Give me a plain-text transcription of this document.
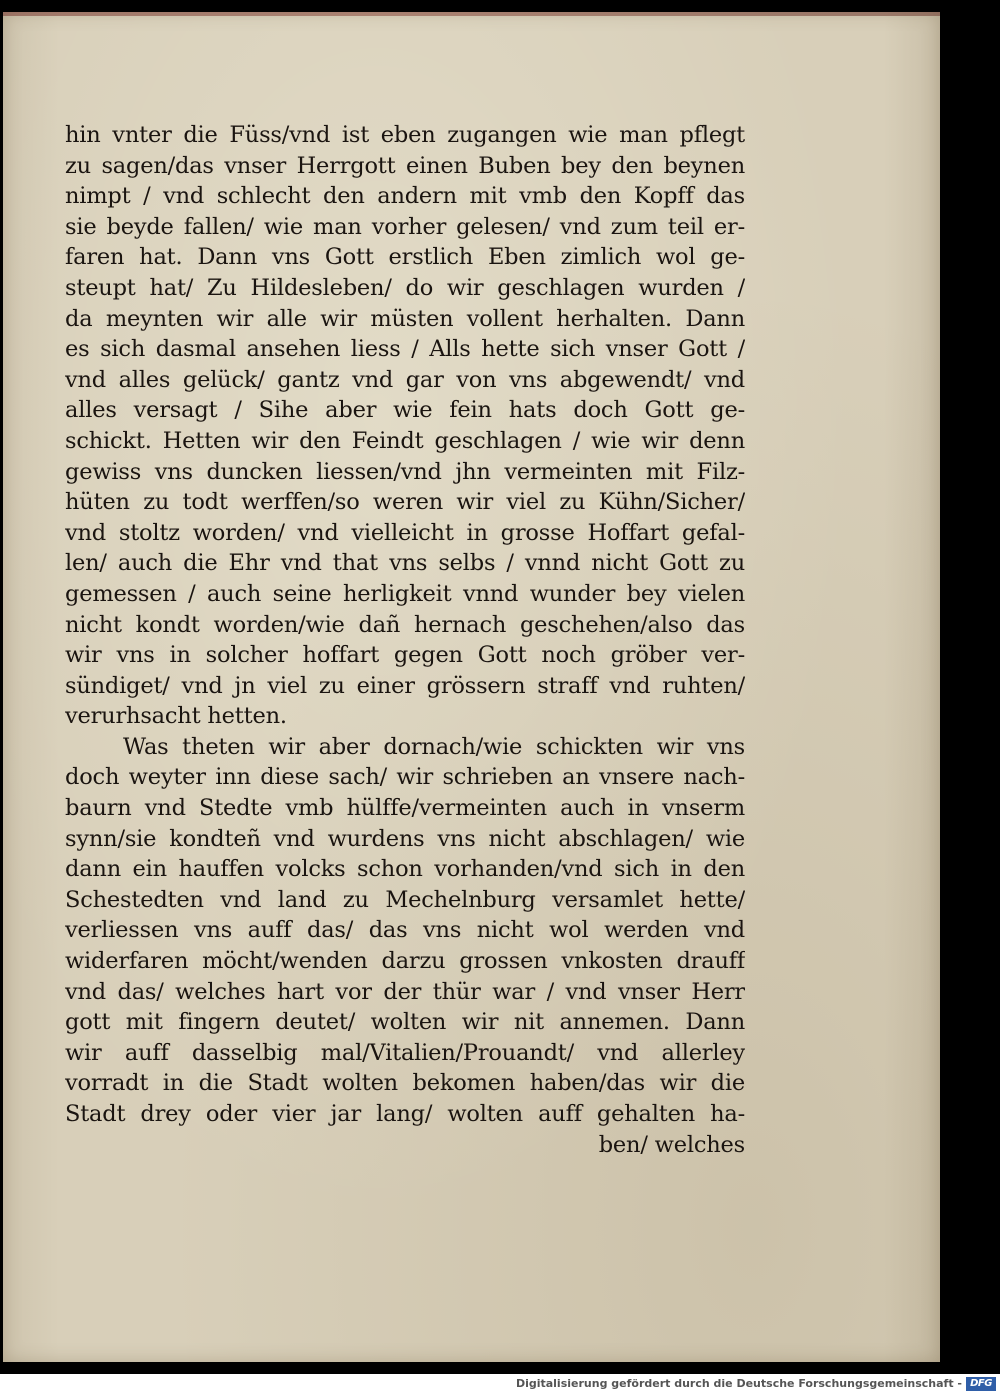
hin vnter die Füss/vnd ist eben zugangen wie man pflegt
zu sagen/das vnser Herrgott einen Buben bey den beynen
nimpt / vnd schlecht den andern mit vmb den Kopff das
sie beyde fallen/ wie man vorher gelesen/ vnd zum teil er-
faren hat. Dann vns Gott erstlich Eben zimlich wol ge-
steupt hat/ Zu Hildesleben/ do wir geschlagen wurden /
da meynten wir alle wir müsten vollent herhalten. Dann
es sich dasmal ansehen liess / Alls hette sich vnser Gott /
vnd alles gelück/ gantz vnd gar von vns abgewendt/ vnd
alles versagt / Sihe aber wie fein hats doch Gott ge-
schickt. Hetten wir den Feindt geschlagen / wie wir denn
gewiss vns duncken liessen/vnd jhn vermeinten mit Filz-
hüten zu todt werffen/so weren wir viel zu Kühn/Sicher/
vnd stoltz worden/ vnd vielleicht in grosse Hoffart gefal-
len/ auch die Ehr vnd that vns selbs / vnnd nicht Gott zu
gemessen / auch seine herligkeit vnnd wunder bey vielen
nicht kondt worden/wie dañ hernach geschehen/also das
wir vns in solcher hoffart gegen Gott noch gröber ver-
sündiget/ vnd jn viel zu einer grössern straff vnd ruhten/
verurhsacht hetten.
Was theten wir aber dornach/wie schickten wir vns
doch weyter inn diese sach/ wir schrieben an vnsere nach-
baurn vnd Stedte vmb hülffe/vermeinten auch in vnserm
synn/sie kondteñ vnd wurdens vns nicht abschlagen/ wie
dann ein hauffen volcks schon vorhanden/vnd sich in den
Schestedten vnd land zu Mechelnburg versamlet hette/
verliessen vns auff das/ das vns nicht wol werden vnd
widerfaren möcht/wenden darzu grossen vnkosten drauff
vnd das/ welches hart vor der thür war / vnd vnser Herr
gott mit fingern deutet/ wolten wir nit annemen. Dann
wir auff dasselbig mal/Vitalien/Prouandt/ vnd allerley
vorradt in die Stadt wolten bekomen haben/das wir die
Stadt drey oder vier jar lang/ wolten auff gehalten ha-
ben/ welches
Digitalisierung gefördert durch die Deutsche Forschungsgemeinschaft - DFG
